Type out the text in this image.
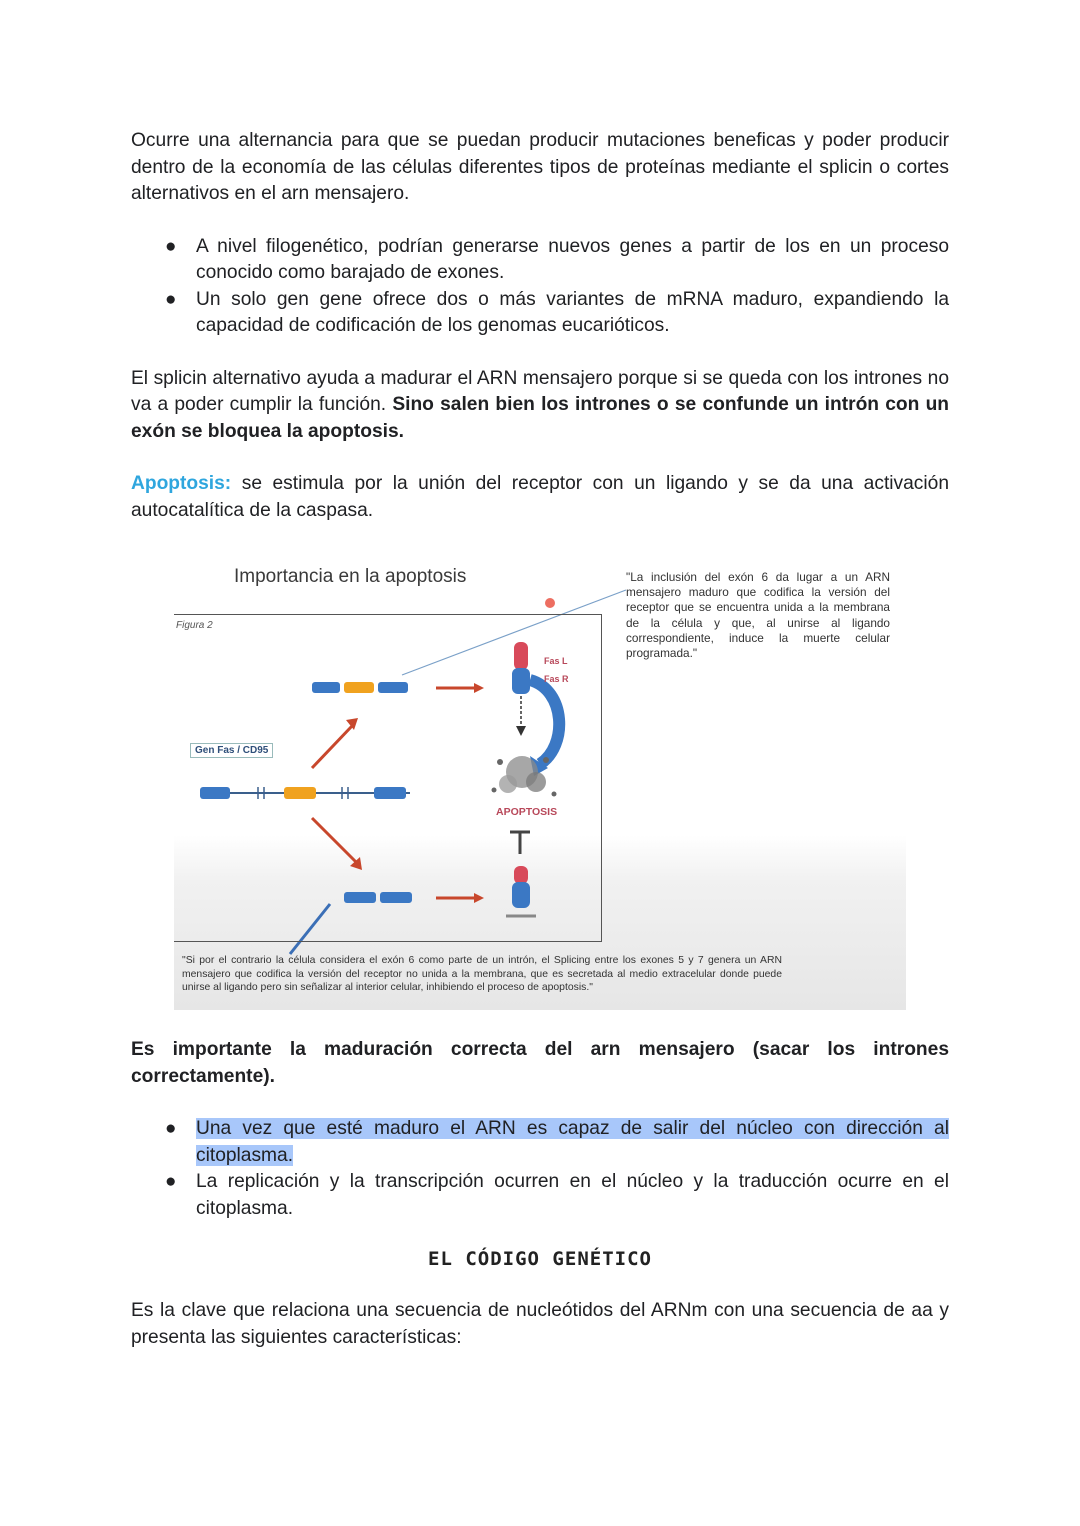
Ocurre una alternancia para que se puedan producir mutaciones beneficas y poder producir dentro de la economía de las células diferentes tipos de proteínas mediante el splicin o cortes alternativos en el arn mensajero.

● A nivel filogenético, podrían generarse nuevos genes a partir de los en un proceso conocido como barajado de exones.
● Un solo gen gene ofrece dos o más variantes de mRNA maduro, expandiendo la capacidad de codificación de los genomas eucarióticos.

El splicin alternativo ayuda a madurar el ARN mensajero porque si se queda con los intrones no va a poder cumplir la función. Sino salen bien los intrones o se confunde un intrón con un exón se bloquea la apoptosis.

Apoptosis: se estimula por la unión del receptor con un ligando y se da una activación autocatalítica de la caspasa.

Importancia en la apoptosis
Figura 2
Gen Fas / CD95
Fas L
Fas R
APOPTOSIS
"La inclusión del exón 6 da lugar a un ARN mensajero maduro que codifica la versión del receptor que se encuentra unida a la membrana de la célula y que, al unirse al ligando correspondiente, induce la muerte celular programada."
"Si por el contrario la célula considera el exón 6 como parte de un intrón, el Splicing entre los exones 5 y 7 genera un ARN mensajero que codifica la versión del receptor no unida a la membrana, que es secretada al medio extracelular donde puede unirse al ligando pero sin señalizar al interior celular, inhibiendo el proceso de apoptosis."

Es importante la maduración correcta del arn mensajero (sacar los intrones correctamente).

● Una vez que esté maduro el ARN es capaz de salir del núcleo con dirección al citoplasma.
● La replicación y la transcripción ocurren en el núcleo y la traducción ocurre en el citoplasma.
EL CÓDIGO GENÉTICO

Es la clave que relaciona una secuencia de nucleótidos del ARNm con una secuencia de aa y presenta las siguientes características:
